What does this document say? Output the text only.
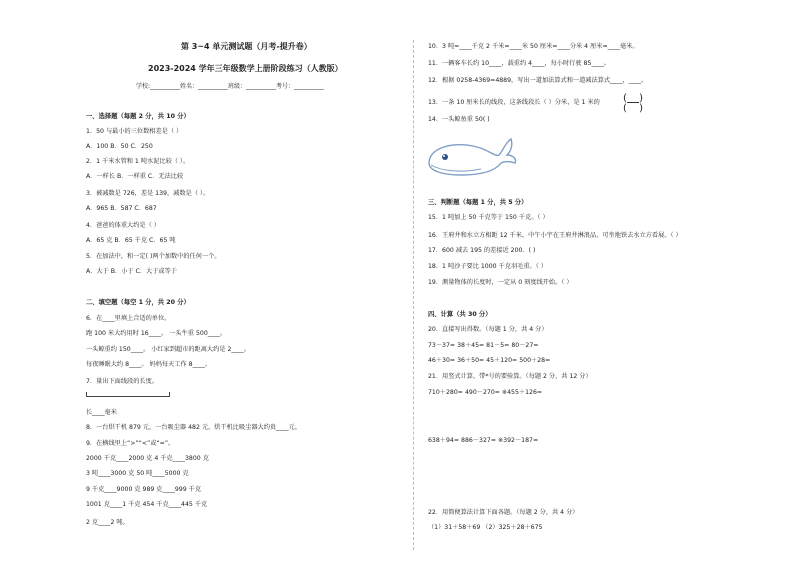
第 3~4 单元测试题（月考-提升卷）
2023-2024 学年三年级数学上册阶段练习（人教版）
学校:__________姓名：__________班级：__________考号：__________
一、选择题（每题 2 分，共 10 分）
1．50 与最小的三位数相差是（ ）
A．100 B．50 C．250
2．1 千米水管和 1 吨水泥比较（ ）。
A．一样长 B．一样重 C．无法比较
3．被减数是 726，差是 139，减数是（ ）。
A．965 B．587 C．687
4．爸爸的体重大约是（ ）
A．65 克 B．65 千克 C．65 吨
5．在加法中，和一定( )两个加数中的任何一个。
A．大于 B．小于 C．大于或等于
二、填空题（每空 1 分，共 20 分）
6．在____里填上合适的单位。
跑 100 米大约用时 16____。 一头牛重 500____。
一头鲸重约 150____。 小红家到超市的距离大约是 2____。
每夜睡眠大约 8____。 妈妈每天工作 8____。
7．量出下面线段的长度。
长____毫米
8．一台烘干机 879 元，一台吸尘器 482 元，烘干机比吸尘器大约贵____元。
9．在横线里上“>”“<”或“=”。
2000 千克____2000 克 4 千克____3800 克
3 吨____3000 克 50 吨____5000 克
9 千克____9000 克 989 克____999 千克
1001 克____1 千克 454 千克____445 千克
2 克____2 吨。
10．3 吨=____千克 2 千米=____米 50 厘米=____分米 4 厘米=____毫米。
11．一辆客车长约 10____，载重约 4____，每小时行驶 85____。
12．根据 0258-4369=4889，写出一道加法算式和一道减法算式____，____。
13．一条 10 厘米长的线段，这条线段长（ ）分米，是 1 米的
14．一头鲸鱼重 50( )
三、判断题（每题 1 分，共 5 分）
15．1 吨加上 50 千克等于 150 千克。（ ）
16．王府井和水立方相距 12 千米，中午小宇在王府井淋浪品，可坐地铁去水立方看展。（ ）
17．600 减去 195 的差接近 200．( )
18．1 吨沙子要比 1000 千克羽毛重。（ ）
19．测量物体的长度时，一定从 0 刻度线开始。（ ）
四、计算（共 30 分）
20．直接写出得数。（每题 1 分，共 4 分）
73－37= 38＋45= 81－5= 80－27=
46＋30= 36＋50= 45＋120= 500＋28=
21．用竖式计算，带*号的要验算。（每题 2 分，共 12 分）
710＋280= 490－270= ※455＋126=
638＋94= 886－327= ※392－187=
22．用简便算法计算下面各题。（每题 2 分，共 4 分）
（1）31＋58＋69 （2）325＋28＋675
( )
( )
